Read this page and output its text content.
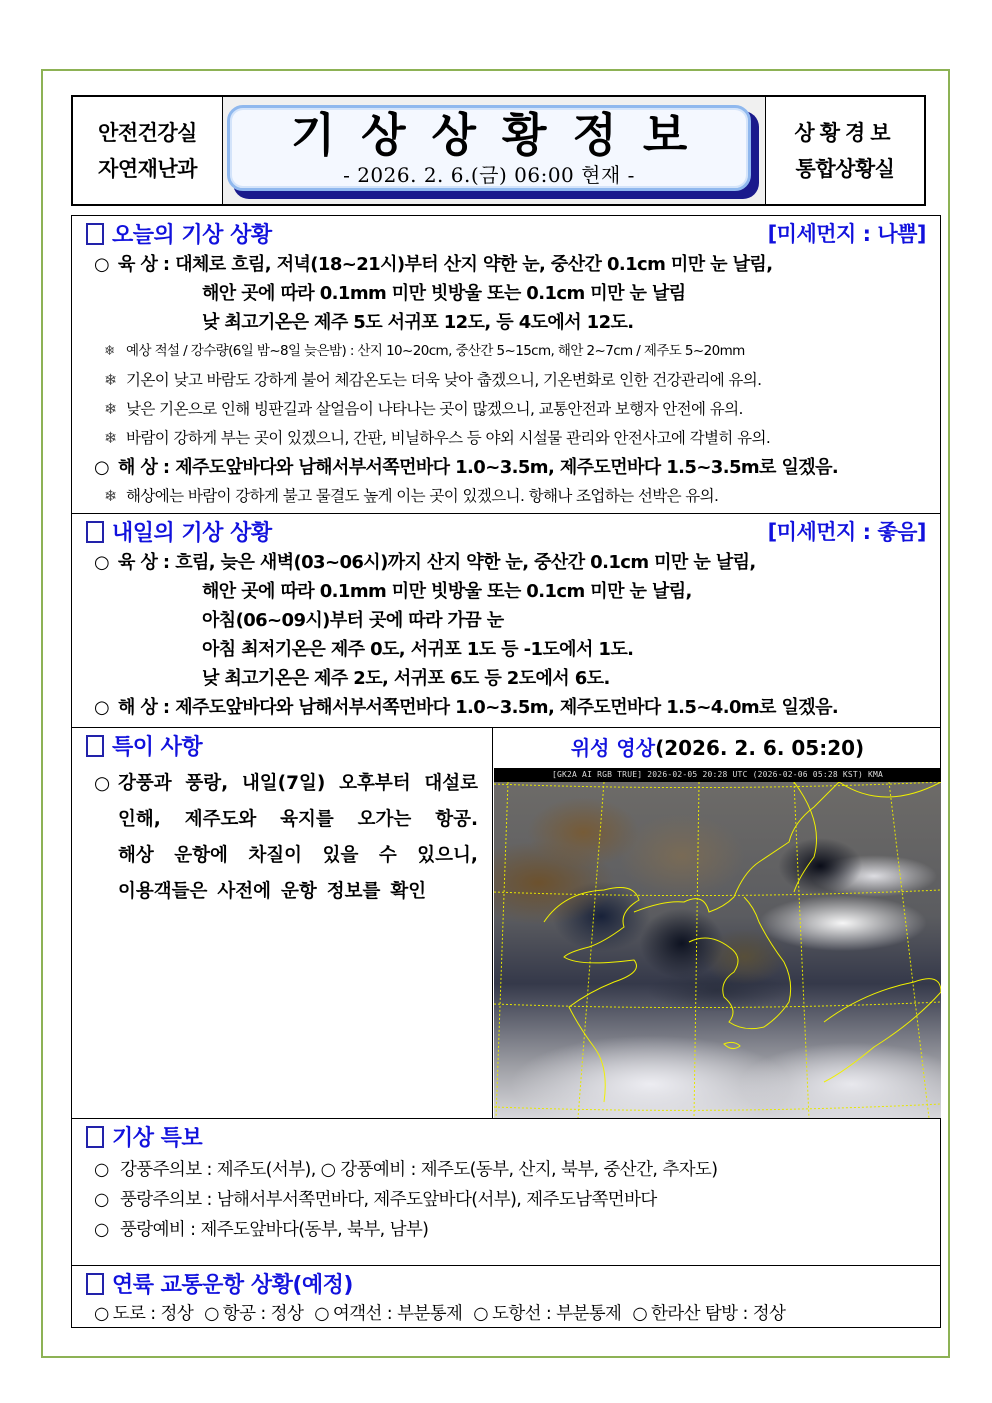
안전건강실
자연재난과
기상상황정보
- 2026. 2. 6.(금) 06:00 현재 -
상황경보
통합상황실
오늘의 기상 상황	[미세먼지 : 나쁨]
○ 육 상 : 대체로 흐림, 저녁(18~21시)부터 산지 약한 눈, 중산간 0.1cm 미만 눈 날림,
해안 곳에 따라 0.1mm 미만 빗방울 또는 0.1cm 미만 눈 날림
낮 최고기온은 제주 5도 서귀포 12도, 등 4도에서 12도.
❄ 예상 적설 / 강수량(6일 밤~8일 늦은밤) : 산지 10~20cm, 중산간 5~15cm, 해안 2~7cm / 제주도 5~20mm
❄ 기온이 낮고 바람도 강하게 불어 체감온도는 더욱 낮아 춥겠으니, 기온변화로 인한 건강관리에 유의.
❄ 낮은 기온으로 인해 빙판길과 살얼음이 나타나는 곳이 많겠으니, 교통안전과 보행자 안전에 유의.
❄ 바람이 강하게 부는 곳이 있겠으니, 간판, 비닐하우스 등 야외 시설물 관리와 안전사고에 각별히 유의.
○ 해 상 : 제주도앞바다와 남해서부서쪽먼바다 1.0~3.5m, 제주도먼바다 1.5~3.5m로 일겠음.
❄ 해상에는 바람이 강하게 불고 물결도 높게 이는 곳이 있겠으니. 항해나 조업하는 선박은 유의.
내일의 기상 상황	[미세먼지 : 좋음]
○ 육 상 : 흐림, 늦은 새벽(03~06시)까지 산지 약한 눈, 중산간 0.1cm 미만 눈 날림,
해안 곳에 따라 0.1mm 미만 빗방울 또는 0.1cm 미만 눈 날림,
아침(06~09시)부터 곳에 따라 가끔 눈
아침 최저기온은 제주 0도, 서귀포 1도 등 -1도에서 1도.
낮 최고기온은 제주 2도, 서귀포 6도 등 2도에서 6도.
○ 해 상 : 제주도앞바다와 남해서부서쪽먼바다 1.0~3.5m, 제주도먼바다 1.5~4.0m로 일겠음.
특이 사항
○ 강풍과 풍랑, 내일(7일) 오후부터 대설로
인해, 제주도와 육지를 오가는 항공.
해상 운항에 차질이 있을 수 있으니,
이용객들은 사전에 운항 정보를 확인
위성 영상(2026. 2. 6. 05:20)
[GK2A AI RGB TRUE] 2026-02-05 20:28 UTC (2026-02-06 05:28 KST) KMA
기상 특보
○ 강풍주의보 : 제주도(서부), ○ 강풍예비 : 제주도(동부, 산지, 북부, 중산간, 추자도)
○ 풍랑주의보 : 남해서부서쪽먼바다, 제주도앞바다(서부), 제주도남쪽먼바다
○ 풍랑예비 : 제주도앞바다(동부, 북부, 남부)
연륙 교통운항 상황(예정)
○ 도로 : 정상 ○ 항공 : 정상 ○ 여객선 : 부분통제 ○ 도항선 : 부분통제 ○ 한라산 탐방 : 정상
